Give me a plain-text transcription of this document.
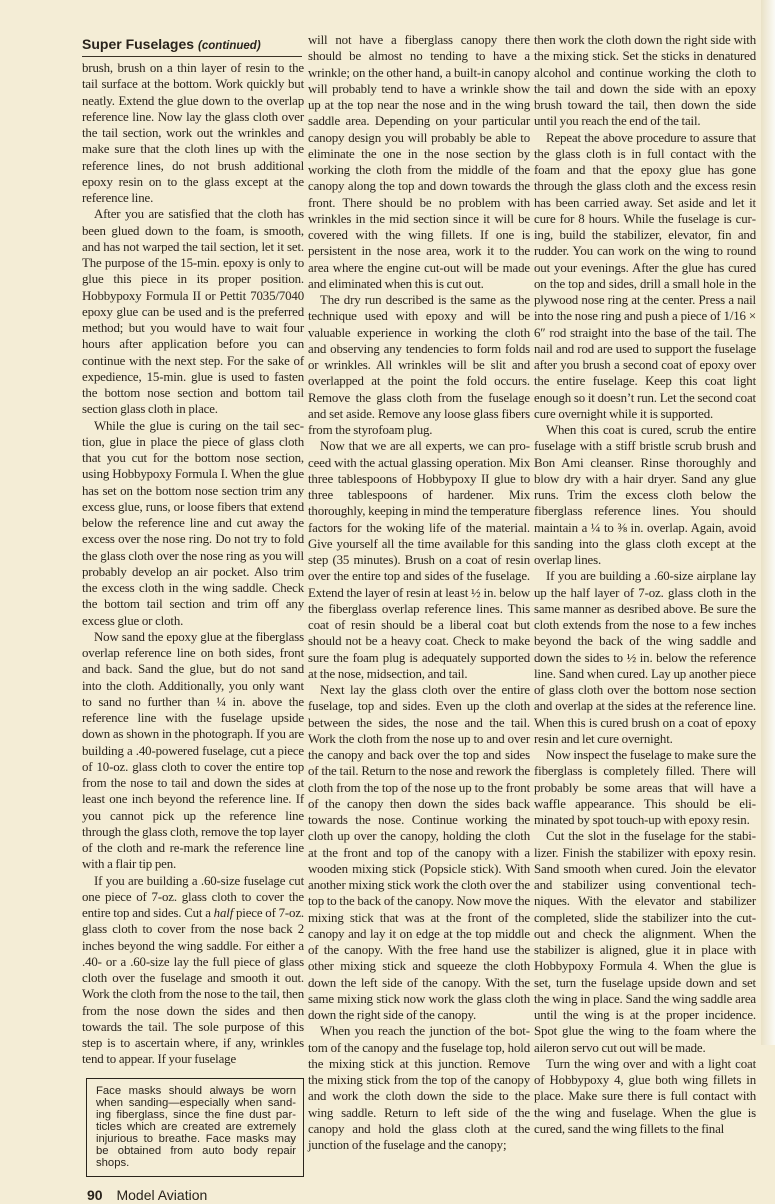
Super Fuselages (continued)

brush, brush on a thin layer of resin to the tail surface at the bottom. Work quickly but neatly. Extend the glue down to the overlap reference line. Now lay the glass cloth over the tail section, work out the wrinkles and make sure that the cloth lines up with the reference lines, do not brush additional epoxy resin on to the glass except at the reference line.

After you are satisfied that the cloth has been glued down to the foam, is smooth, and has not warped the tail section, let it set. The purpose of the 15-min. epoxy is only to glue this piece in its proper position. Hobbypoxy Formula II or Pettit 7035/7040 epoxy glue can be used and is the preferred method; but you would have to wait four hours after application before you can continue with the next step. For the sake of expedience, 15-min. glue is used to fasten the bottom nose section and bottom tail section glass cloth in place.

While the glue is curing on the tail section, glue in place the piece of glass cloth that you cut for the bottom nose section, using Hobbypoxy Formula I. When the glue has set on the bottom nose section trim any excess glue, runs, or loose fibers that extend below the reference line and cut away the excess over the nose ring. Do not try to fold the glass cloth over the nose ring as you will probably develop an air pocket. Also trim the excess cloth in the wing saddle. Check the bottom tail section and trim off any excess glue or cloth.

Now sand the epoxy glue at the fiberglass overlap reference line on both sides, front and back. Sand the glue, but do not sand into the cloth. Additionally, you only want to sand no further than ¼ in. above the reference line with the fuselage upside down as shown in the photograph. If you are building a .40-powered fuselage, cut a piece of 10-oz. glass cloth to cover the entire top from the nose to tail and down the sides at least one inch beyond the reference line. If you cannot pick up the reference line through the glass cloth, remove the top layer of the cloth and re-mark the reference line with a flair tip pen.

If you are building a .60-size fuselage cut one piece of 7-oz. glass cloth to cover the entire top and sides. Cut a half piece of 7-oz. glass cloth to cover from the nose back 2 inches beyond the wing saddle. For either a .40- or a .60-size lay the full piece of glass cloth over the fuselage and smooth it out. Work the cloth from the nose to the tail, then from the nose down the sides and then towards the tail. The sole purpose of this step is to ascertain where, if any, wrinkles tend to appear. If your fuselage

Face masks should always be worn when sanding—especially when sanding fiberglass, since the fine dust particles which are created are extremely injurious to breathe. Face masks may be obtained from auto body repair shops.
90 Model Aviation

will not have a fiberglass canopy there should be almost no tending to have a wrinkle; on the other hand, a built-in canopy will probably tend to have a wrinkle show up at the top near the nose and in the wing saddle area. Depending on your particular canopy design you will probably be able to eliminate the one in the nose section by working the cloth from the middle of the canopy along the top and down towards the front. There should be no problem with wrinkles in the mid section since it will be covered with the wing fillets. If one is persistent in the nose area, work it to the area where the engine cut-out will be made and eliminated when this is cut out.

The dry run described is the same as the technique used with epoxy and will be valuable experience in working the cloth and observing any tendencies to form folds or wrinkles. All wrinkles will be slit and overlapped at the point the fold occurs. Remove the glass cloth from the fuselage and set aside. Remove any loose glass fibers from the styrofoam plug.

Now that we are all experts, we can proceed with the actual glassing operation. Mix three tablespoons of Hobbypoxy II glue to three tablespoons of hardener. Mix thoroughly, keeping in mind the temperature factors for the woking life of the material. Give yourself all the time available for this step (35 minutes). Brush on a coat of resin over the entire top and sides of the fuselage. Extend the layer of resin at least ½ in. below the fiberglass overlap reference lines. This coat of resin should be a liberal coat but should not be a heavy coat. Check to make sure the foam plug is adequately supported at the nose, midsection, and tail.

Next lay the glass cloth over the entire fuselage, top and sides. Even up the cloth between the sides, the nose and the tail. Work the cloth from the nose up to and over the canopy and back over the top and sides of the tail. Return to the nose and rework the cloth from the top of the nose up to the front of the canopy then down the sides back towards the nose. Continue working the cloth up over the canopy, holding the cloth at the front and top of the canopy with a wooden mixing stick (Popsicle stick). With another mixing stick work the cloth over the top to the back of the canopy. Now move the mixing stick that was at the front of the canopy and lay it on edge at the top middle of the canopy. With the free hand use the other mixing stick and squeeze the cloth down the left side of the canopy. With the same mixing stick now work the glass cloth down the right side of the canopy.

When you reach the junction of the bottom of the canopy and the fuselage top, hold the mixing stick at this junction. Remove the mixing stick from the top of the canopy and work the cloth down the side to the wing saddle. Return to left side of the canopy and hold the glass cloth at the junction of the fuselage and the canopy;

then work the cloth down the right side with the mixing stick. Set the sticks in denatured alcohol and continue working the cloth to the tail and down the side with an epoxy brush toward the tail, then down the side until you reach the end of the tail.

Repeat the above procedure to assure that the glass cloth is in full contact with the foam and that the epoxy glue has gone through the glass cloth and the excess resin has been carried away. Set aside and let it cure for 8 hours. While the fuselage is curing, build the stabilizer, elevator, fin and rudder. You can work on the wing to round out your evenings. After the glue has cured on the top and sides, drill a small hole in the plywood nose ring at the center. Press a nail into the nose ring and push a piece of 1/16 × 6″ rod straight into the base of the tail. The nail and rod are used to support the fuselage after you brush a second coat of epoxy over the entire fuselage. Keep this coat light enough so it doesn’t run. Let the second coat cure overnight while it is supported.

When this coat is cured, scrub the entire fuselage with a stiff bristle scrub brush and Bon Ami cleanser. Rinse thoroughly and blow dry with a hair dryer. Sand any glue runs. Trim the excess cloth below the fiberglass reference lines. You should maintain a ¼ to ⅜ in. overlap. Again, avoid sanding into the glass cloth except at the overlap lines.

If you are building a .60-size airplane lay up the half layer of 7-oz. glass cloth in the same manner as desribed above. Be sure the cloth extends from the nose to a few inches beyond the back of the wing saddle and down the sides to ½ in. below the reference line. Sand when cured. Lay up another piece of glass cloth over the bottom nose section and overlap at the sides at the reference line. When this is cured brush on a coat of epoxy resin and let cure overnight.

Now inspect the fuselage to make sure the fiberglass is completely filled. There will probably be some areas that will have a waffle appearance. This should be eliminated by spot touch-up with epoxy resin.

Cut the slot in the fuselage for the stabilizer. Finish the stabilizer with epoxy resin. Sand smooth when cured. Join the elevator and stabilizer using conventional techniques. With the elevator and stabilizer completed, slide the stabilizer into the cut-out and check the alignment. When the stabilizer is aligned, glue it in place with Hobbypoxy Formula 4. When the glue is set, turn the fuselage upside down and set the wing in place. Sand the wing saddle area until the wing is at the proper incidence. Spot glue the wing to the foam where the aileron servo cut out will be made.

Turn the wing over and with a light coat of Hobbypoxy 4, glue both wing fillets in place. Make sure there is full contact with the wing and fuselage. When the glue is cured, sand the wing fillets to the final
